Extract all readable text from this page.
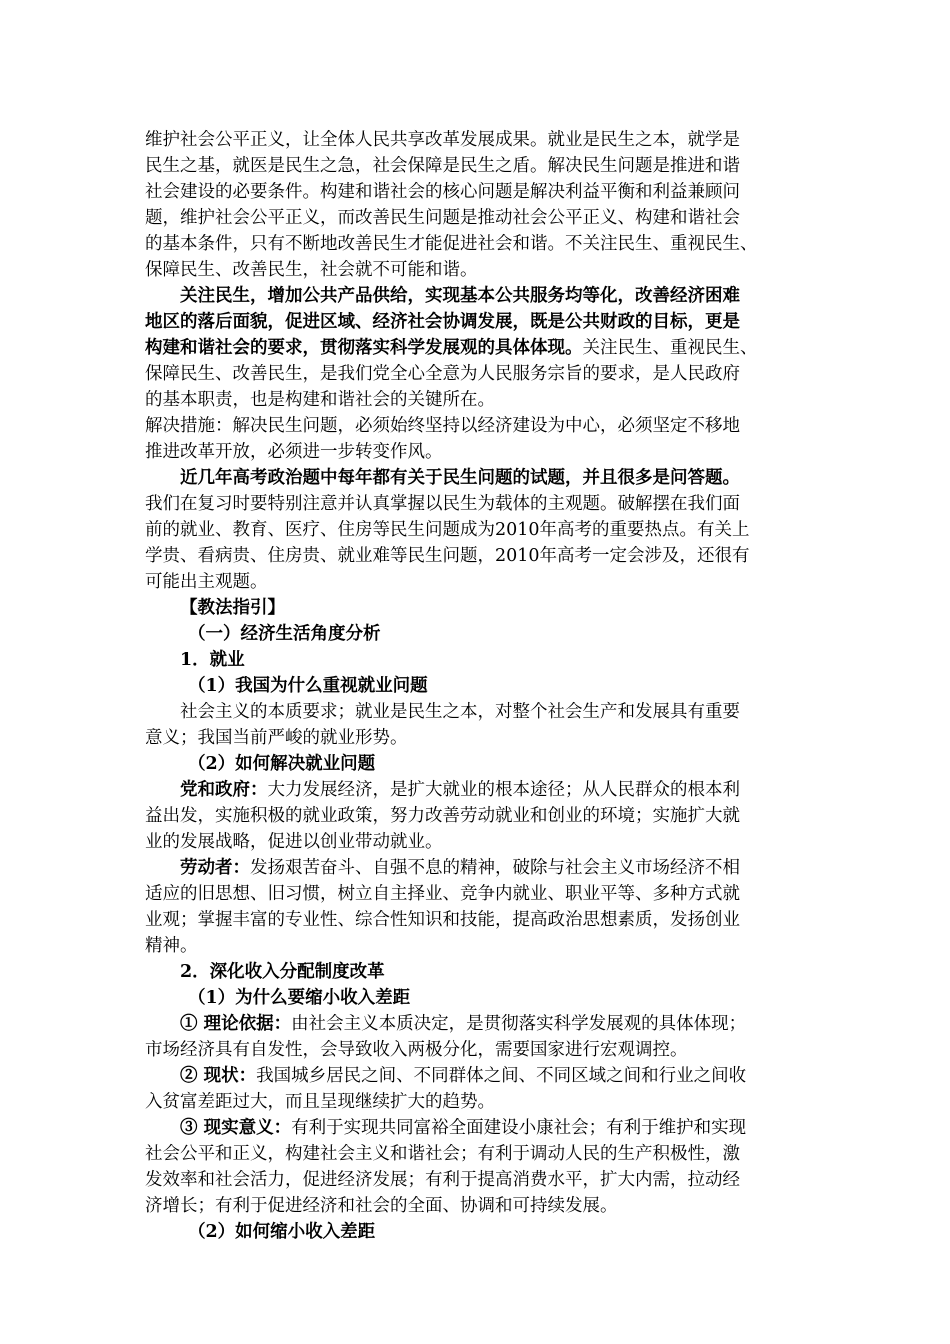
维护社会公平正义，让全体人民共享改革发展成果。就业是民生之本，就学是
民生之基，就医是民生之急，社会保障是民生之盾。解决民生问题是推进和谐
社会建设的必要条件。构建和谐社会的核心问题是解决利益平衡和利益兼顾问
题，维护社会公平正义，而改善民生问题是推动社会公平正义、构建和谐社会
的基本条件，只有不断地改善民生才能促进社会和谐。不关注民生、重视民生、
保障民生、改善民生，社会就不可能和谐。
关注民生，增加公共产品供给，实现基本公共服务均等化，改善经济困难
地区的落后面貌，促进区域、经济社会协调发展，既是公共财政的目标，更是
构建和谐社会的要求，贯彻落实科学发展观的具体体现。关注民生、重视民生、
保障民生、改善民生，是我们党全心全意为人民服务宗旨的要求，是人民政府
的基本职责，也是构建和谐社会的关键所在。
解决措施：解决民生问题，必须始终坚持以经济建设为中心，必须坚定不移地
推进改革开放，必须进一步转变作风。
近几年高考政治题中每年都有关于民生问题的试题，并且很多是问答题。
我们在复习时要特别注意并认真掌握以民生为载体的主观题。破解摆在我们面
前的就业、教育、医疗、住房等民生问题成为2010年高考的重要热点。有关上
学贵、看病贵、住房贵、就业难等民生问题，2010年高考一定会涉及，还很有
可能出主观题。
【教法指引】
（一）经济生活角度分析
1．就业
（1）我国为什么重视就业问题
社会主义的本质要求；就业是民生之本，对整个社会生产和发展具有重要
意义；我国当前严峻的就业形势。
（2）如何解决就业问题
党和政府：大力发展经济，是扩大就业的根本途径；从人民群众的根本利
益出发，实施积极的就业政策，努力改善劳动就业和创业的环境；实施扩大就
业的发展战略，促进以创业带动就业。
劳动者：发扬艰苦奋斗、自强不息的精神，破除与社会主义市场经济不相
适应的旧思想、旧习惯，树立自主择业、竞争内就业、职业平等、多种方式就
业观；掌握丰富的专业性、综合性知识和技能，提高政治思想素质，发扬创业
精神。
2．深化收入分配制度改革
（1）为什么要缩小收入差距
① 理论依据：由社会主义本质决定，是贯彻落实科学发展观的具体体现；
市场经济具有自发性，会导致收入两极分化，需要国家进行宏观调控。
② 现状：我国城乡居民之间、不同群体之间、不同区域之间和行业之间收
入贫富差距过大，而且呈现继续扩大的趋势。
③ 现实意义：有利于实现共同富裕全面建设小康社会；有利于维护和实现
社会公平和正义，构建社会主义和谐社会；有利于调动人民的生产积极性，激
发效率和社会活力，促进经济发展；有利于提高消费水平，扩大内需，拉动经
济增长；有利于促进经济和社会的全面、协调和可持续发展。
（2）如何缩小收入差距
